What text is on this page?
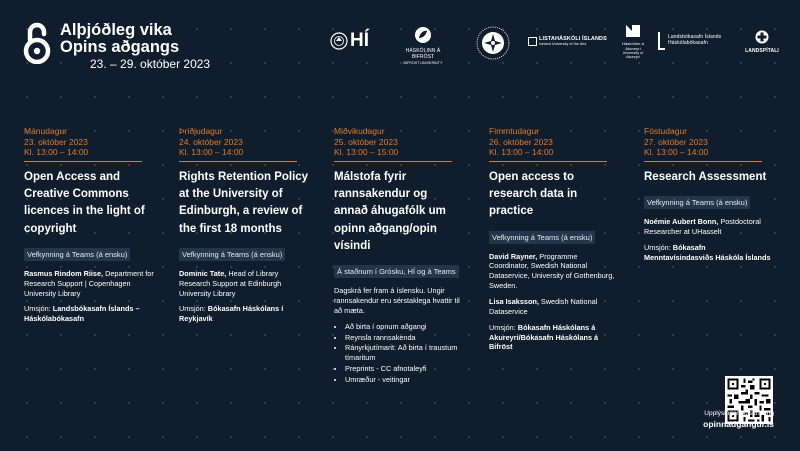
Alþjóðleg vika
Opins aðgangs
23. – 29. október 2023
HÍ	HÁSKÓLINN Á BIFRÖST
BIFROST UNIVERSITY
LISTAHÁSKÓLI ÍSLANDS
Iceland University of the Arts	Háskólinn á Akureyri
University of Akureyri
Landsbókasafn Íslands
Háskólabókasafn
LANDSPÍTALI
Mánudagur
23. október 2023
Kl. 13:00 – 14:00
Open Access and Creative Commons licences in the light of copyright
Vefkynning á Teams (á ensku)
Rasmus Rindom Riise, Department for Research Support | Copenhagen University Library
Umsjón: Landsbókasafn Íslands – Háskólabókasafn
Þriðjudagur
24. október 2023
Kl. 13:00 – 14:00
Rights Retention Policy at the University of Edinburgh, a review of the first 18 months
Vefkynning á Teams (á ensku)
Dominic Tate, Head of Library Research Support at Edinburgh University Library
Umsjón: Bókasafn Háskólans í Reykjavík
Miðvikudagur
25. október 2023
Kl. 13:00 – 15:00
Málstofa fyrir rannsakendur og annað áhugafólk um opinn aðgang/opin vísindi
Á staðnum í Grósku, HÍ og á Teams
Dagskrá fer fram á íslensku. Ungir rannsakendur eru sérstaklega hvattir til að mæta.
• Að birta í opnum aðgangi
• Reynsla rannsakenda
• Rányrkjutímarit: Að birta í traustum tímaritum
• Preprints - CC afnotaleyfi
• Umræður - veitingar
Fimmtudagur
26. október 2023
Kl. 13:00 – 14:00
Open access to research data in practice
Vefkynning á Teams (á ensku)
David Rayner, Programme Coordinator, Swedish National Dataservice, University of Gothenburg, Sweden.
Lisa Isaksson, Swedish National Dataservice
Umsjón: Bókasafn Háskólans á Akureyri/Bókasafn Háskólans á Bifröst
Föstudagur
27. október 2023
Kl. 13:00 – 14:00
Research Assessment
Vefkynning á Teams (á ensku)
Noémie Aubert Bonn, Postdoctoral Researcher at UHasselt
Umsjón: Bókasafn Menntavísindasviðs Háskóla Íslands
Upplýsingar og skráning
opinnadgangur.is
